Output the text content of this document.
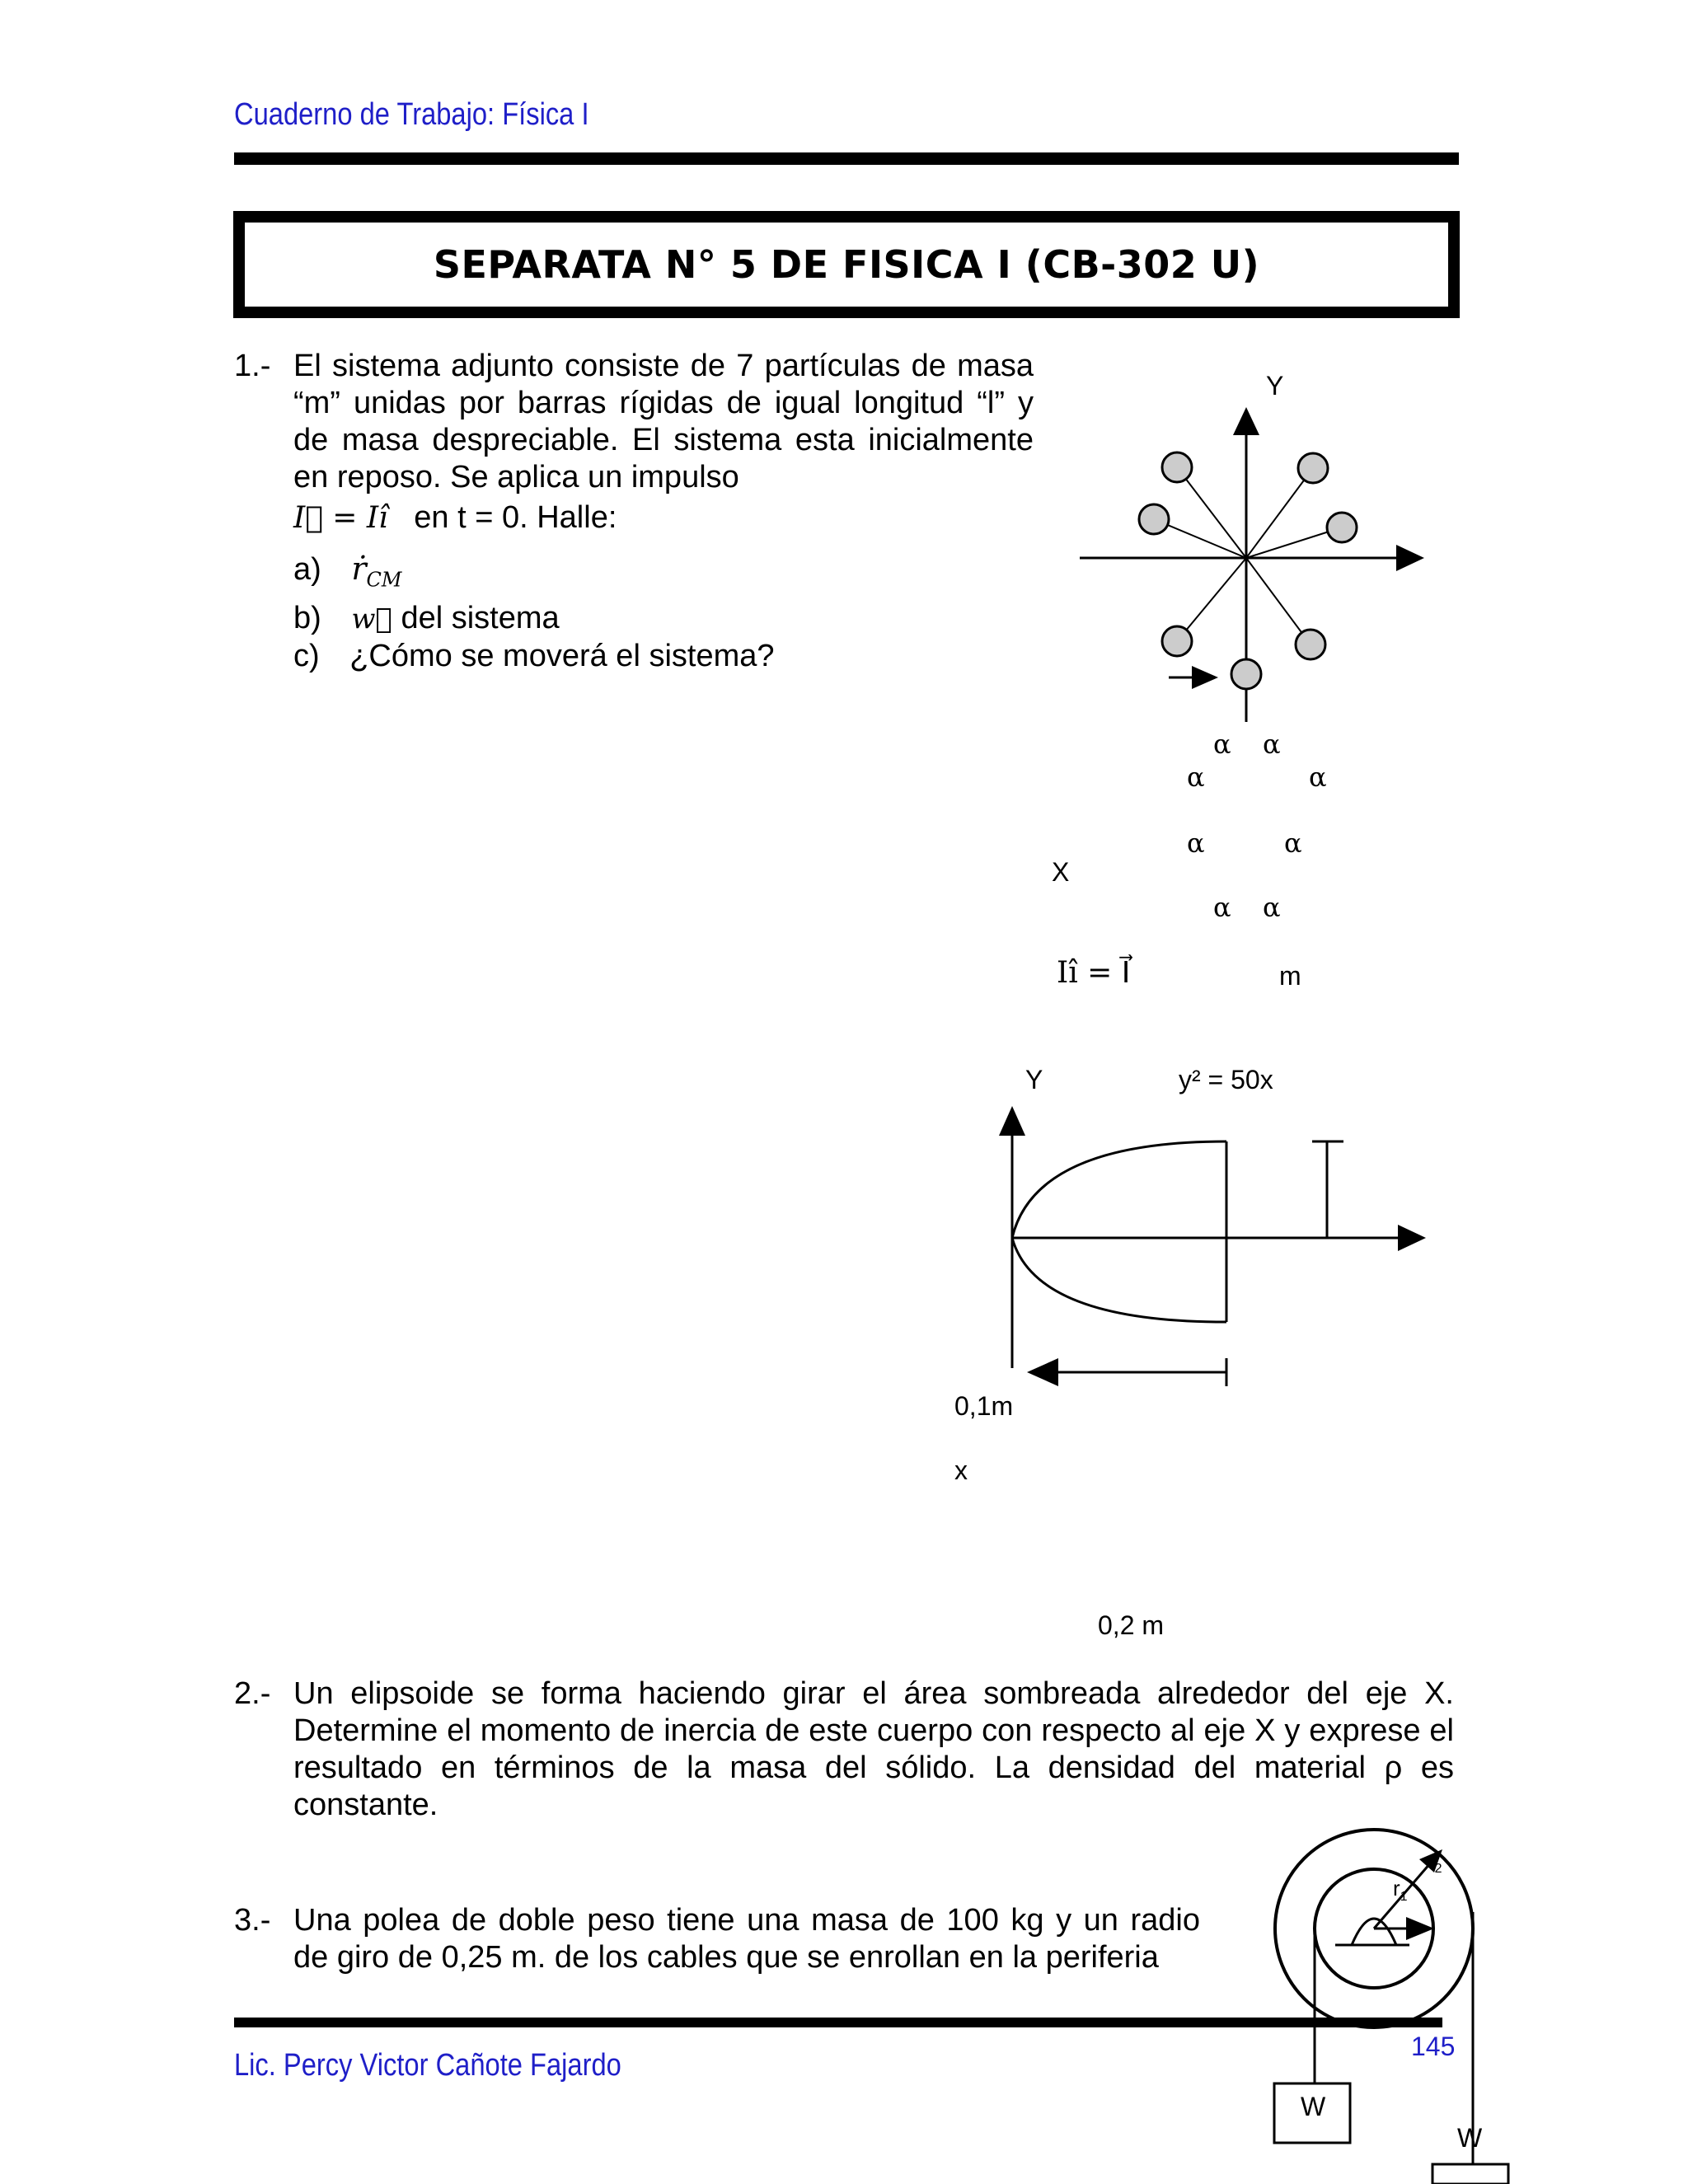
Cuaderno de Trabajo: Física I
SEPARATA N° 5 DE FISICA I (CB-302 U)
1.- El sistema adjunto consiste de 7 partículas de masa “m” unidas por barras rígidas de igual longitud “l” y de masa despreciable. El sistema esta inicialmente en reposo. Se aplica un impulso
I⃗ = Iî en t = 0. Halle:
a) ṙ$_{CM}$
b) w⃗ del sistema
c) ¿Cómo se moverá el sistema?
Y
X
α α
α	α
α	α
α α
Iî = I⃗	m
Y	y² = 50x
0,1m
x
0,2 m
2.- Un elipsoide se forma haciendo girar el área sombreada alrededor del eje X. Determine el momento de inercia de este cuerpo con respecto al eje X y exprese el resultado en términos de la masa del sólido. La densidad del material ρ es constante.
3.- Una polea de doble peso tiene una masa de 100 kg y un radio de giro de 0,25 m. de los cables que se enrollan en la periferia
$r_1$
$r_2$
W
W
145
Lic. Percy Victor Cañote Fajardo
